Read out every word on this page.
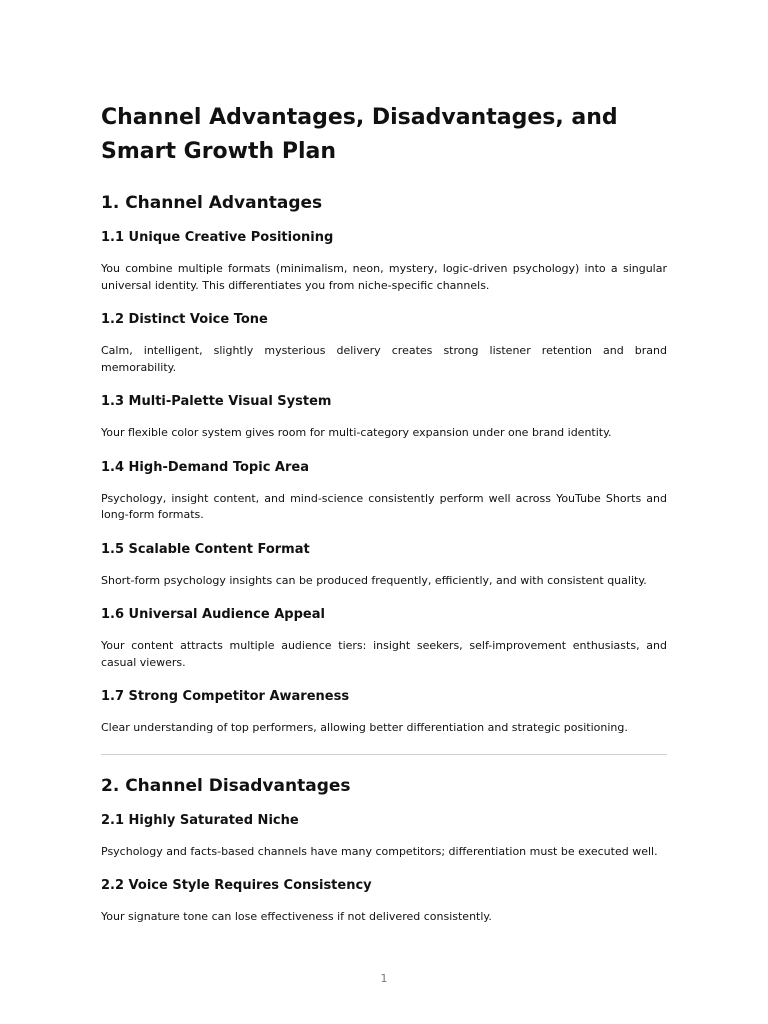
Channel Advantages, Disadvantages, and Smart Growth Plan
1. Channel Advantages
1.1 Unique Creative Positioning

You combine multiple formats (minimalism, neon, mystery, logic-driven psychology) into a singular universal identity. This differentiates you from niche-specific channels.

1.2 Distinct Voice Tone

Calm, intelligent, slightly mysterious delivery creates strong listener retention and brand memorability.

1.3 Multi-Palette Visual System

Your flexible color system gives room for multi-category expansion under one brand identity.

1.4 High-Demand Topic Area

Psychology, insight content, and mind-science consistently perform well across YouTube Shorts and long-form formats.

1.5 Scalable Content Format

Short-form psychology insights can be produced frequently, efficiently, and with consistent quality.

1.6 Universal Audience Appeal

Your content attracts multiple audience tiers: insight seekers, self-improvement enthusiasts, and casual viewers.

1.7 Strong Competitor Awareness

Clear understanding of top performers, allowing better differentiation and strategic positioning.

2. Channel Disadvantages
2.1 Highly Saturated Niche

Psychology and facts-based channels have many competitors; differentiation must be executed well.

2.2 Voice Style Requires Consistency

Your signature tone can lose effectiveness if not delivered consistently.

1
